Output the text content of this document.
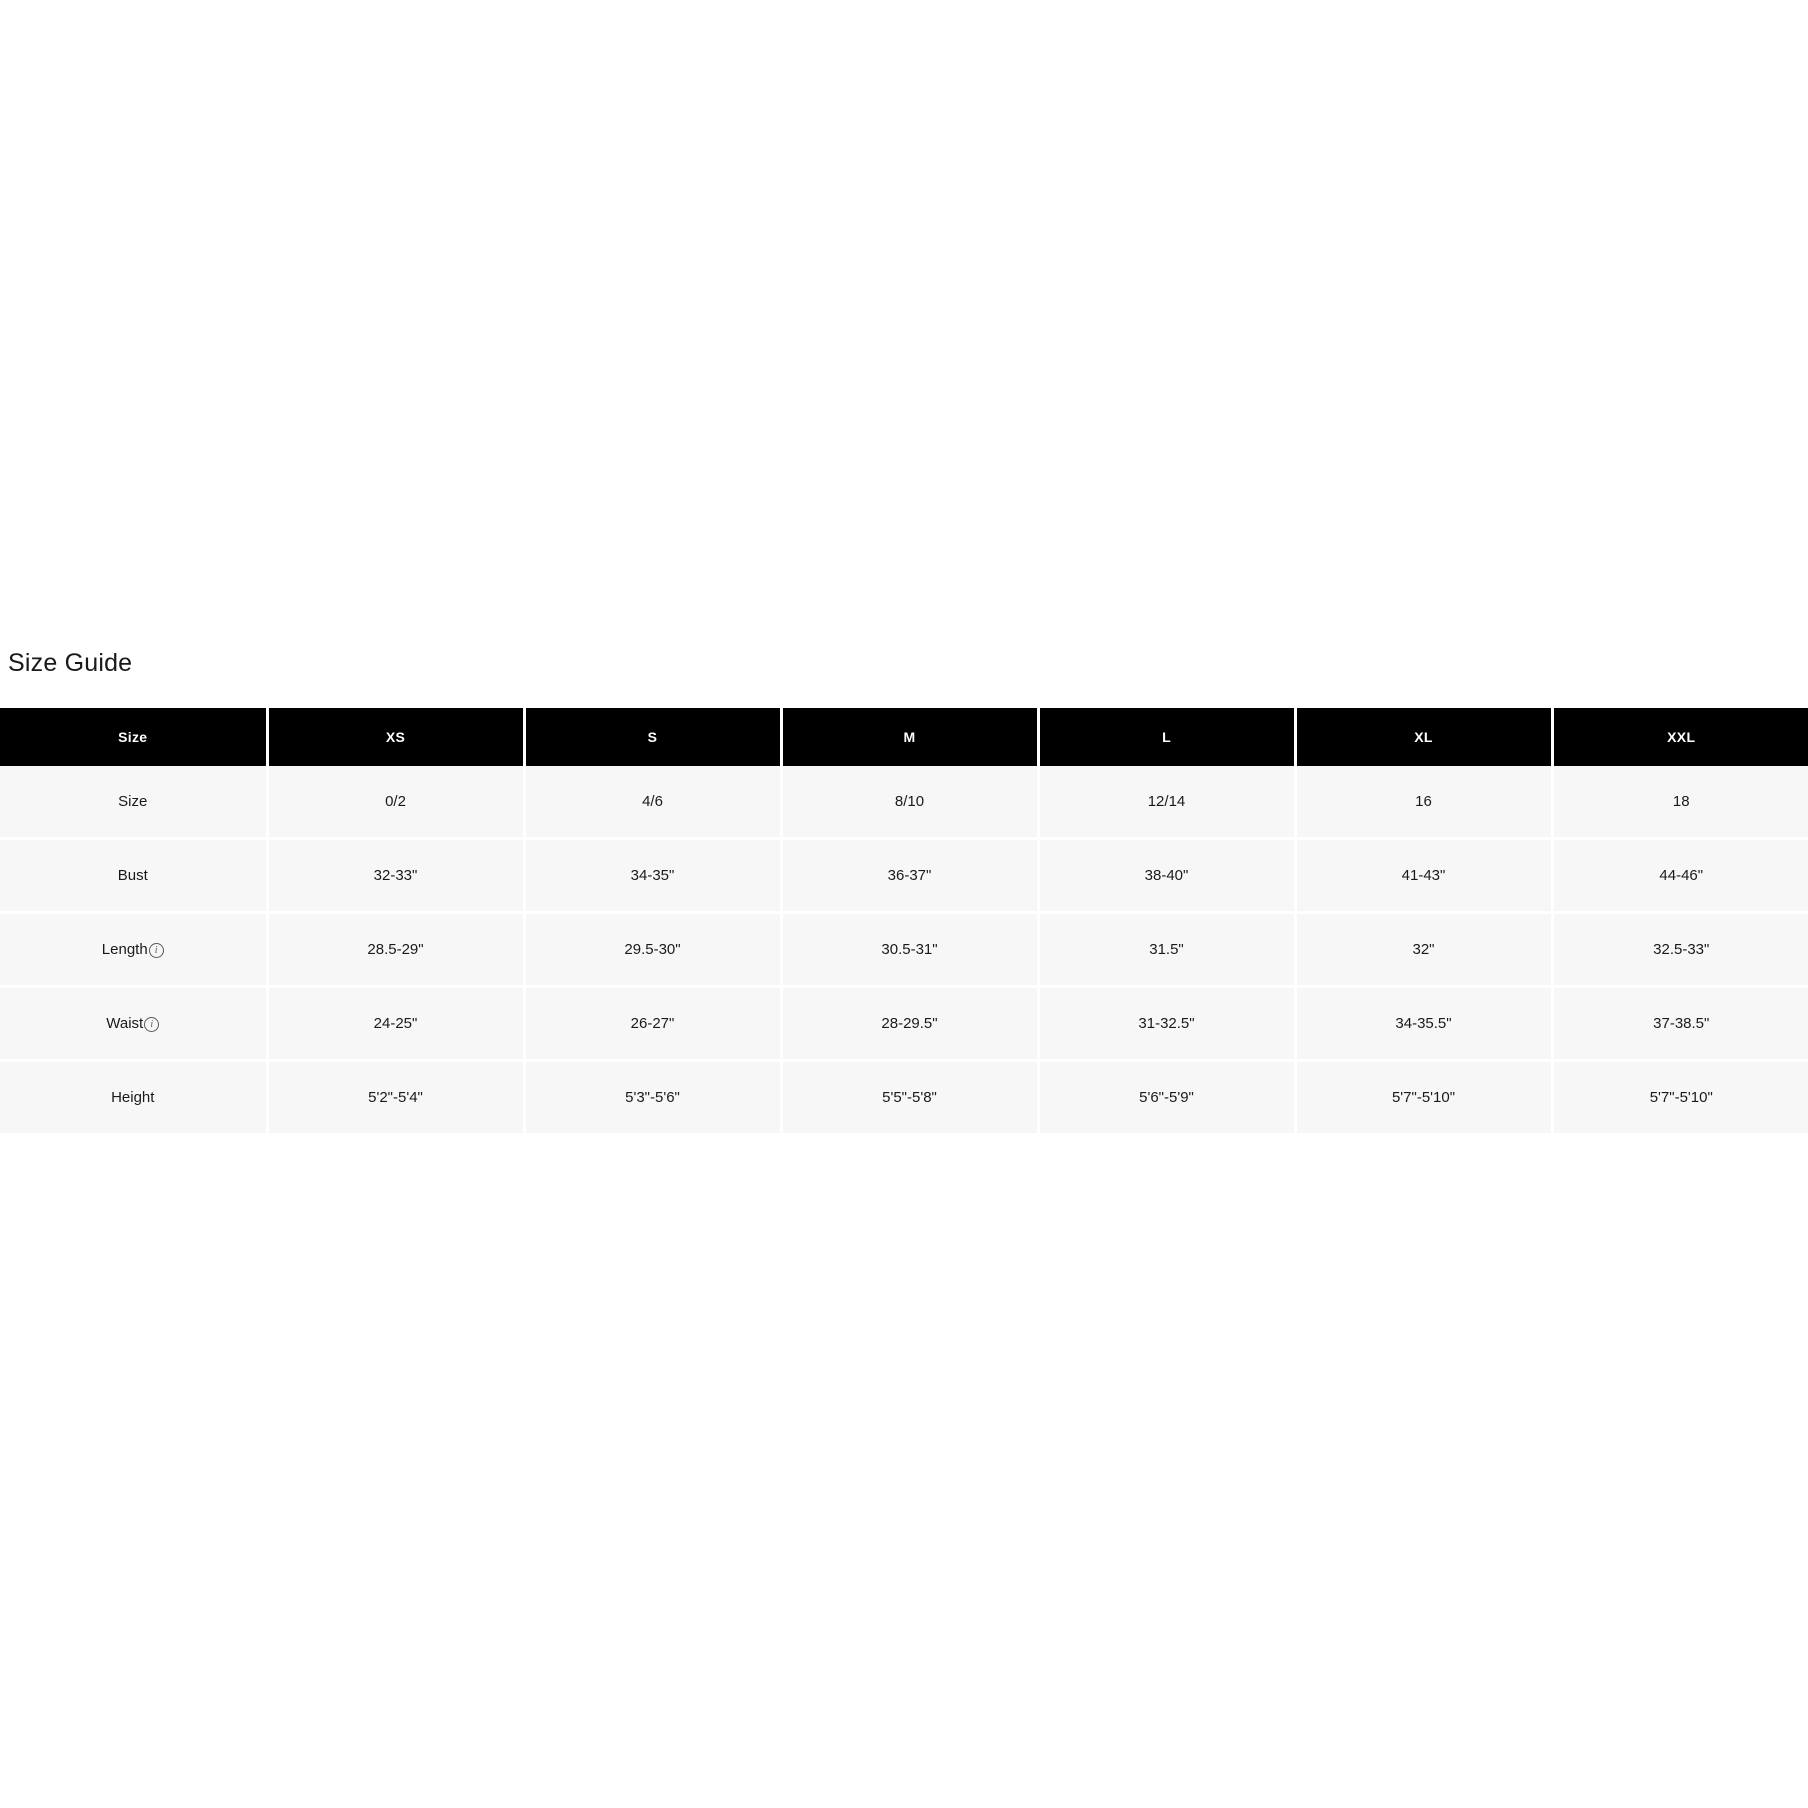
Size Guide
Size	XS	S	M	L	XL	XXL

Size	0/2	4/6	8/10	12/14	16	18

Bust	32-33"	34-35"	36-37"	38-40"	41-43"	44-46"

Length i	28.5-29"	29.5-30"	30.5-31"	31.5"	32"	32.5-33"

Waist i	24-25"	26-27"	28-29.5"	31-32.5"	34-35.5"	37-38.5"

Height	5'2"-5'4"	5'3"-5'6"	5'5"-5'8"	5'6"-5'9"	5'7"-5'10"	5'7"-5'10"
